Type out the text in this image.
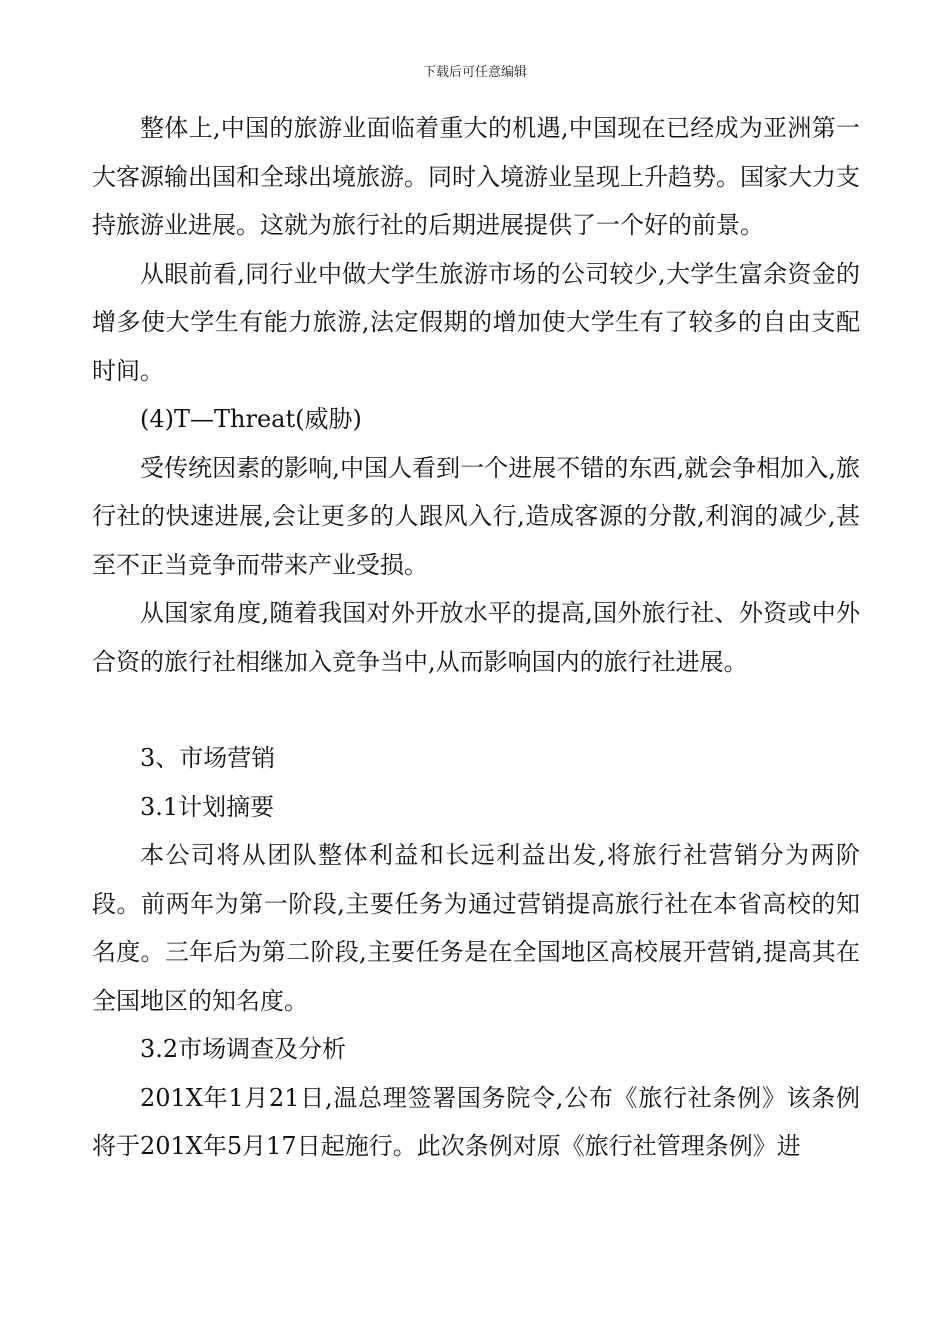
下载后可任意编辑

整体上,中国的旅游业面临着重大的机遇,中国现在已经成为亚洲第一大客源输出国和全球出境旅游。同时入境游业呈现上升趋势。国家大力支持旅游业进展。这就为旅行社的后期进展提供了一个好的前景。

从眼前看,同行业中做大学生旅游市场的公司较少,大学生富余资金的增多使大学生有能力旅游,法定假期的增加使大学生有了较多的自由支配时间。

(4)T—Threat(威胁)

受传统因素的影响,中国人看到一个进展不错的东西,就会争相加入,旅行社的快速进展,会让更多的人跟风入行,造成客源的分散,利润的减少,甚至不正当竞争而带来产业受损。

从国家角度,随着我国对外开放水平的提高,国外旅行社、外资或中外合资的旅行社相继加入竞争当中,从而影响国内的旅行社进展。

3、市场营销

3.1计划摘要

本公司将从团队整体利益和长远利益出发,将旅行社营销分为两阶段。前两年为第一阶段,主要任务为通过营销提高旅行社在本省高校的知名度。三年后为第二阶段,主要任务是在全国地区高校展开营销,提高其在全国地区的知名度。

3.2市场调查及分析

201X年1月21日,温总理签署国务院令,公布《旅行社条例》该条例将于201X年5月17日起施行。此次条例对原《旅行社管理条例》进
